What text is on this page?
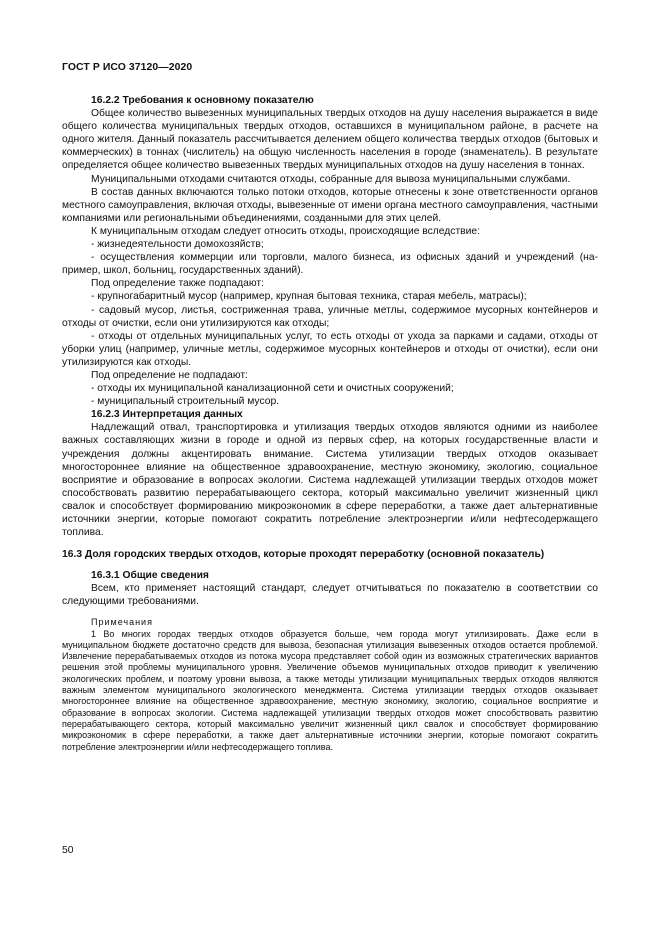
ГОСТ Р ИСО 37120—2020

16.2.2 Требования к основному показателю

Общее количество вывезенных муниципальных твердых отходов на душу населения выражается в виде общего количества муниципальных твердых отходов, оставшихся в муниципальном районе, в расчете на одного жителя. Данный показатель рассчитывается делением общего количества твердых отходов (бытовых и коммерческих) в тоннах (числитель) на общую численность населения в городе (знаменатель). В результате определяется общее количество вывезенных твердых муниципальных отходов на душу населения в тоннах.

Муниципальными отходами считаются отходы, собранные для вывоза муниципальными службами.

В состав данных включаются только потоки отходов, которые отнесены к зоне ответственности органов местного самоуправления, включая отходы, вывезенные от имени органа местного самоуправления, частными компаниями или региональными объединениями, созданными для этих целей.

К муниципальным отходам следует относить отходы, происходящие вследствие:

- жизнедеятельности домохозяйств;

- осуществления коммерции или торговли, малого бизнеса, из офисных зданий и учреждений (например, школ, больниц, государственных зданий).

Под определение также подпадают:

- крупногабаритный мусор (например, крупная бытовая техника, старая мебель, матрасы);

- садовый мусор, листья, состриженная трава, уличные метлы, содержимое мусорных контейнеров и отходы от очистки, если они утилизируются как отходы;

- отходы от отдельных муниципальных услуг, то есть отходы от ухода за парками и садами, отходы от уборки улиц (например, уличные метлы, содержимое мусорных контейнеров и отходы от очистки), если они утилизируются как отходы.

Под определение не подпадают:

- отходы их муниципальной канализационной сети и очистных сооружений;

- муниципальный строительный мусор.

16.2.3 Интерпретация данных

Надлежащий отвал, транспортировка и утилизация твердых отходов являются одними из наиболее важных составляющих жизни в городе и одной из первых сфер, на которых государственные власти и учреждения должны акцентировать внимание. Система утилизации твердых отходов оказывает многостороннее влияние на общественное здравоохранение, местную экономику, экологию, социальное восприятие и образование в вопросах экологии. Система надлежащей утилизации твердых отходов может способствовать развитию перерабатывающего сектора, который максимально увеличит жизненный цикл свалок и способствует формированию микроэкономик в сфере переработки, а также дает альтернативные источники энергии, которые помогают сократить потребление электроэнергии и/или нефтесодержащего топлива.

16.3 Доля городских твердых отходов, которые проходят переработку (основной показатель)

16.3.1 Общие сведения

Всем, кто применяет настоящий стандарт, следует отчитываться по показателю в соответствии со следующими требованиями.

Примечания

1 Во многих городах твердых отходов образуется больше, чем города могут утилизировать. Даже если в муниципальном бюджете достаточно средств для вывоза, безопасная утилизация вывезенных отходов остается проблемой. Извлечение перерабатываемых отходов из потока мусора представляет собой один из возможных стратегических вариантов решения этой проблемы муниципального уровня. Увеличение объемов муниципальных отходов приводит к увеличению экологических проблем, и поэтому уровни вывоза, а также методы утилизации муниципальных твердых отходов являются важным элементом муниципального экологического менеджмента. Система утилизации твердых отходов оказывает многостороннее влияние на общественное здравоохранение, местную экономику, экологию, социальное восприятие и образование в вопросах экологии. Система надлежащей утилизации твердых отходов может способствовать развитию перерабатывающего сектора, который максимально увеличит жизненный цикл свалок и способствует формированию микроэкономик в сфере переработки, а также дает альтернативные источники энергии, которые помогают сократить потребление электроэнергии и/или нефтесодержащего топлива.

50
